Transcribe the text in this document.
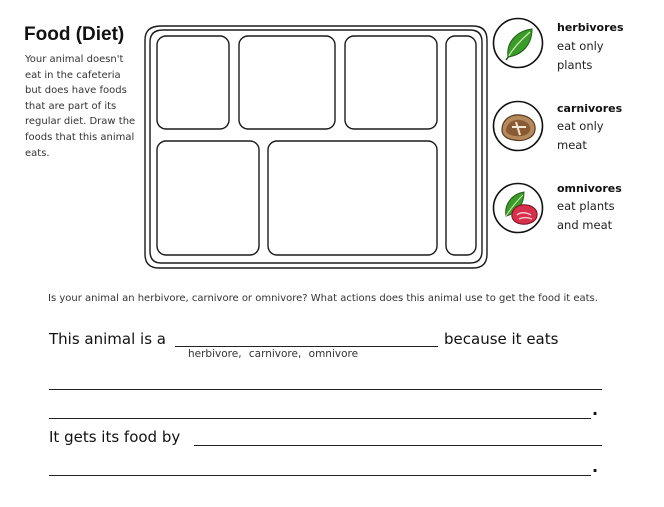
Food (Diet)
Your animal doesn't eat in the cafeteria but does have foods that are part of its regular diet. Draw the foods that this animal eats.
herbivores
eat only plants
carnivores
eat only meat
omnivores
eat plants and meat
Is your animal an herbivore, carnivore or omnivore? What actions does this animal use to get the food it eats.
This animal is a	because it eats
herbivore, carnivore, omnivore
.
It gets its food by
.
